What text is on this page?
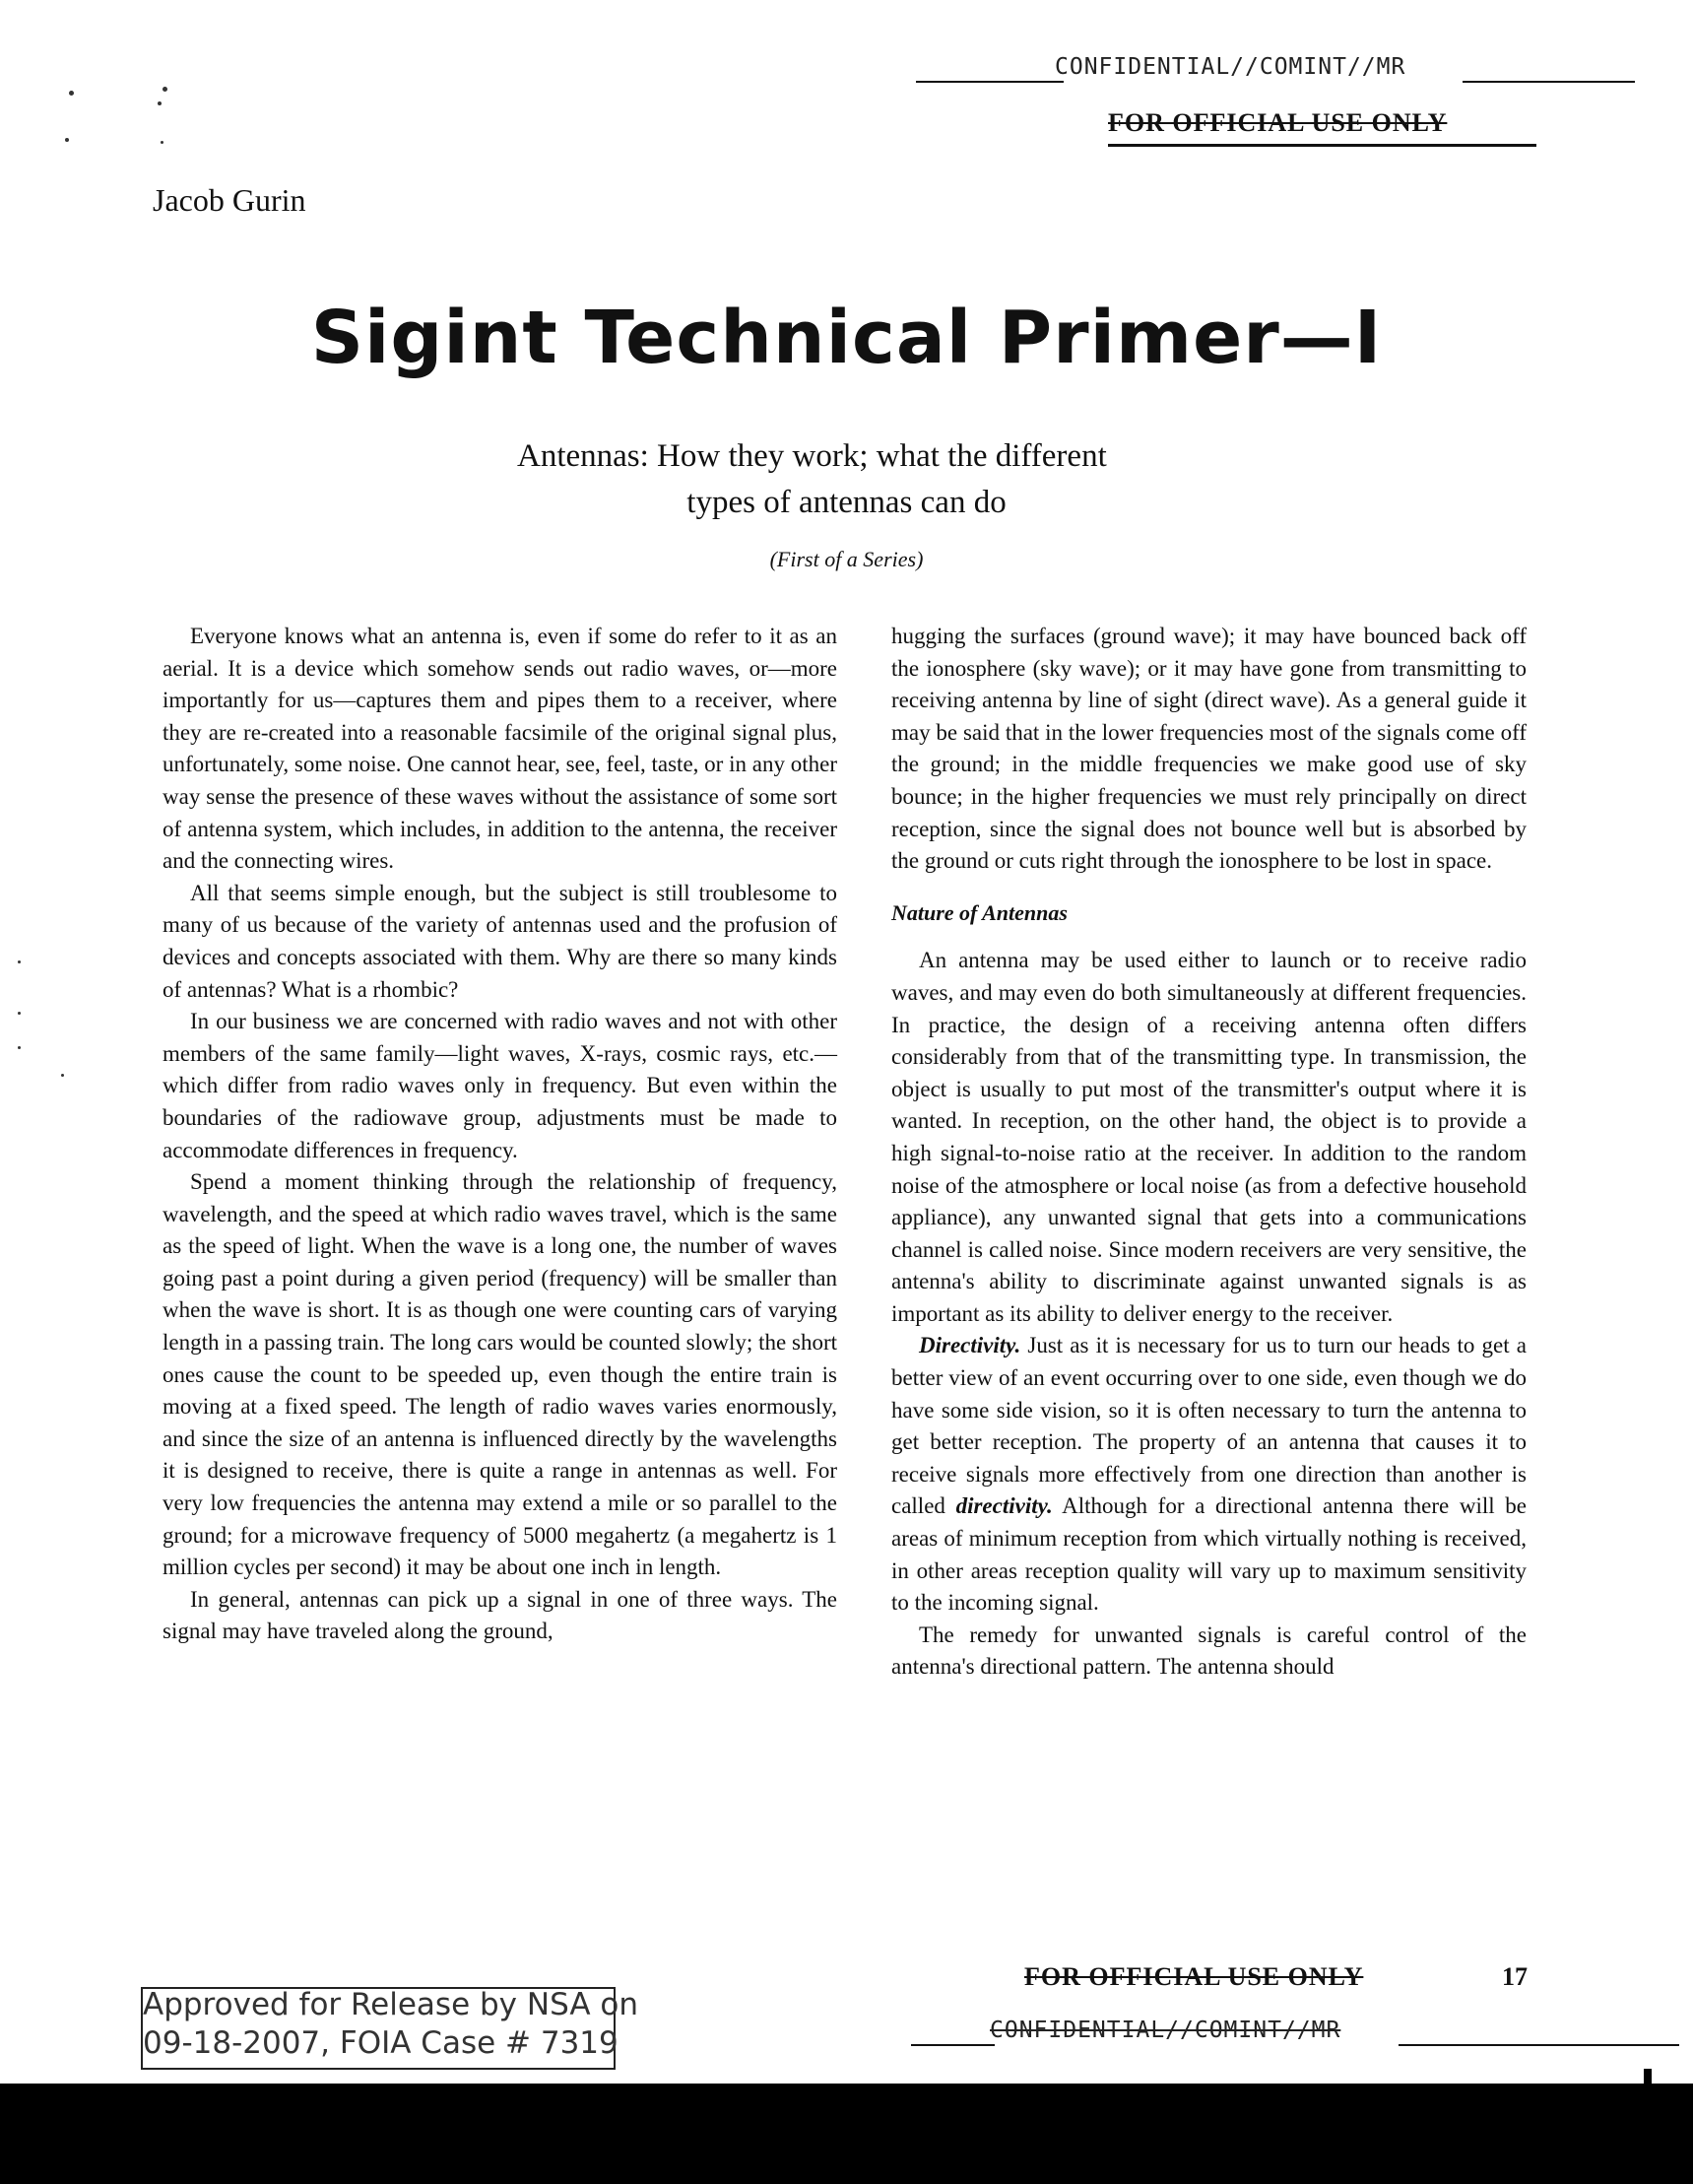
CONFIDENTIAL//COMINT//MR
FOR OFFICIAL USE ONLY
Jacob Gurin
Sigint Technical Primer—I
Antennas: How they work; what the different
types of antennas can do
(First of a Series)

Everyone knows what an antenna is, even if some do refer to it as an aerial. It is a device which somehow sends out radio waves, or—more importantly for us—captures them and pipes them to a receiver, where they are re-created into a reasonable facsimile of the original signal plus, unfortunately, some noise. One cannot hear, see, feel, taste, or in any other way sense the presence of these waves without the assistance of some sort of antenna system, which includes, in addition to the antenna, the receiver and the connecting wires.

All that seems simple enough, but the subject is still troublesome to many of us because of the variety of antennas used and the profusion of devices and concepts associated with them. Why are there so many kinds of antennas? What is a rhombic?

In our business we are concerned with radio waves and not with other members of the same family—light waves, X-rays, cosmic rays, etc.—which differ from radio waves only in frequency. But even within the boundaries of the radiowave group, adjustments must be made to accommodate differences in frequency.

Spend a moment thinking through the relationship of frequency, wavelength, and the speed at which radio waves travel, which is the same as the speed of light. When the wave is a long one, the number of waves going past a point during a given period (frequency) will be smaller than when the wave is short. It is as though one were counting cars of varying length in a passing train. The long cars would be counted slowly; the short ones cause the count to be speeded up, even though the entire train is moving at a fixed speed. The length of radio waves varies enormously, and since the size of an antenna is influenced directly by the wavelengths it is designed to receive, there is quite a range in antennas as well. For very low frequencies the antenna may extend a mile or so parallel to the ground; for a microwave frequency of 5000 megahertz (a megahertz is 1 million cycles per second) it may be about one inch in length.

In general, antennas can pick up a signal in one of three ways. The signal may have traveled along the ground,

hugging the surfaces (ground wave); it may have bounced back off the ionosphere (sky wave); or it may have gone from transmitting to receiving antenna by line of sight (direct wave). As a general guide it may be said that in the lower frequencies most of the signals come off the ground; in the middle frequencies we make good use of sky bounce; in the higher frequencies we must rely principally on direct reception, since the signal does not bounce well but is absorbed by the ground or cuts right through the ionosphere to be lost in space.

Nature of Antennas

An antenna may be used either to launch or to receive radio waves, and may even do both simultaneously at different frequencies. In practice, the design of a receiving antenna often differs considerably from that of the transmitting type. In transmission, the object is usually to put most of the transmitter's output where it is wanted. In reception, on the other hand, the object is to provide a high signal-to-noise ratio at the receiver. In addition to the random noise of the atmosphere or local noise (as from a defective household appliance), any unwanted signal that gets into a communications channel is called noise. Since modern receivers are very sensitive, the antenna's ability to discriminate against unwanted signals is as important as its ability to deliver energy to the receiver.

Directivity. Just as it is necessary for us to turn our heads to get a better view of an event occurring over to one side, even though we do have some side vision, so it is often necessary to turn the antenna to get better reception. The property of an antenna that causes it to receive signals more effectively from one direction than another is called directivity. Although for a directional antenna there will be areas of minimum reception from which virtually nothing is received, in other areas reception quality will vary up to maximum sensitivity to the incoming signal.

The remedy for unwanted signals is careful control of the antenna's directional pattern. The antenna should

FOR OFFICIAL USE ONLY	17
CONFIDENTIAL//COMINT//MR
Approved for Release by NSA on
09-18-2007, FOIA Case # 7319
